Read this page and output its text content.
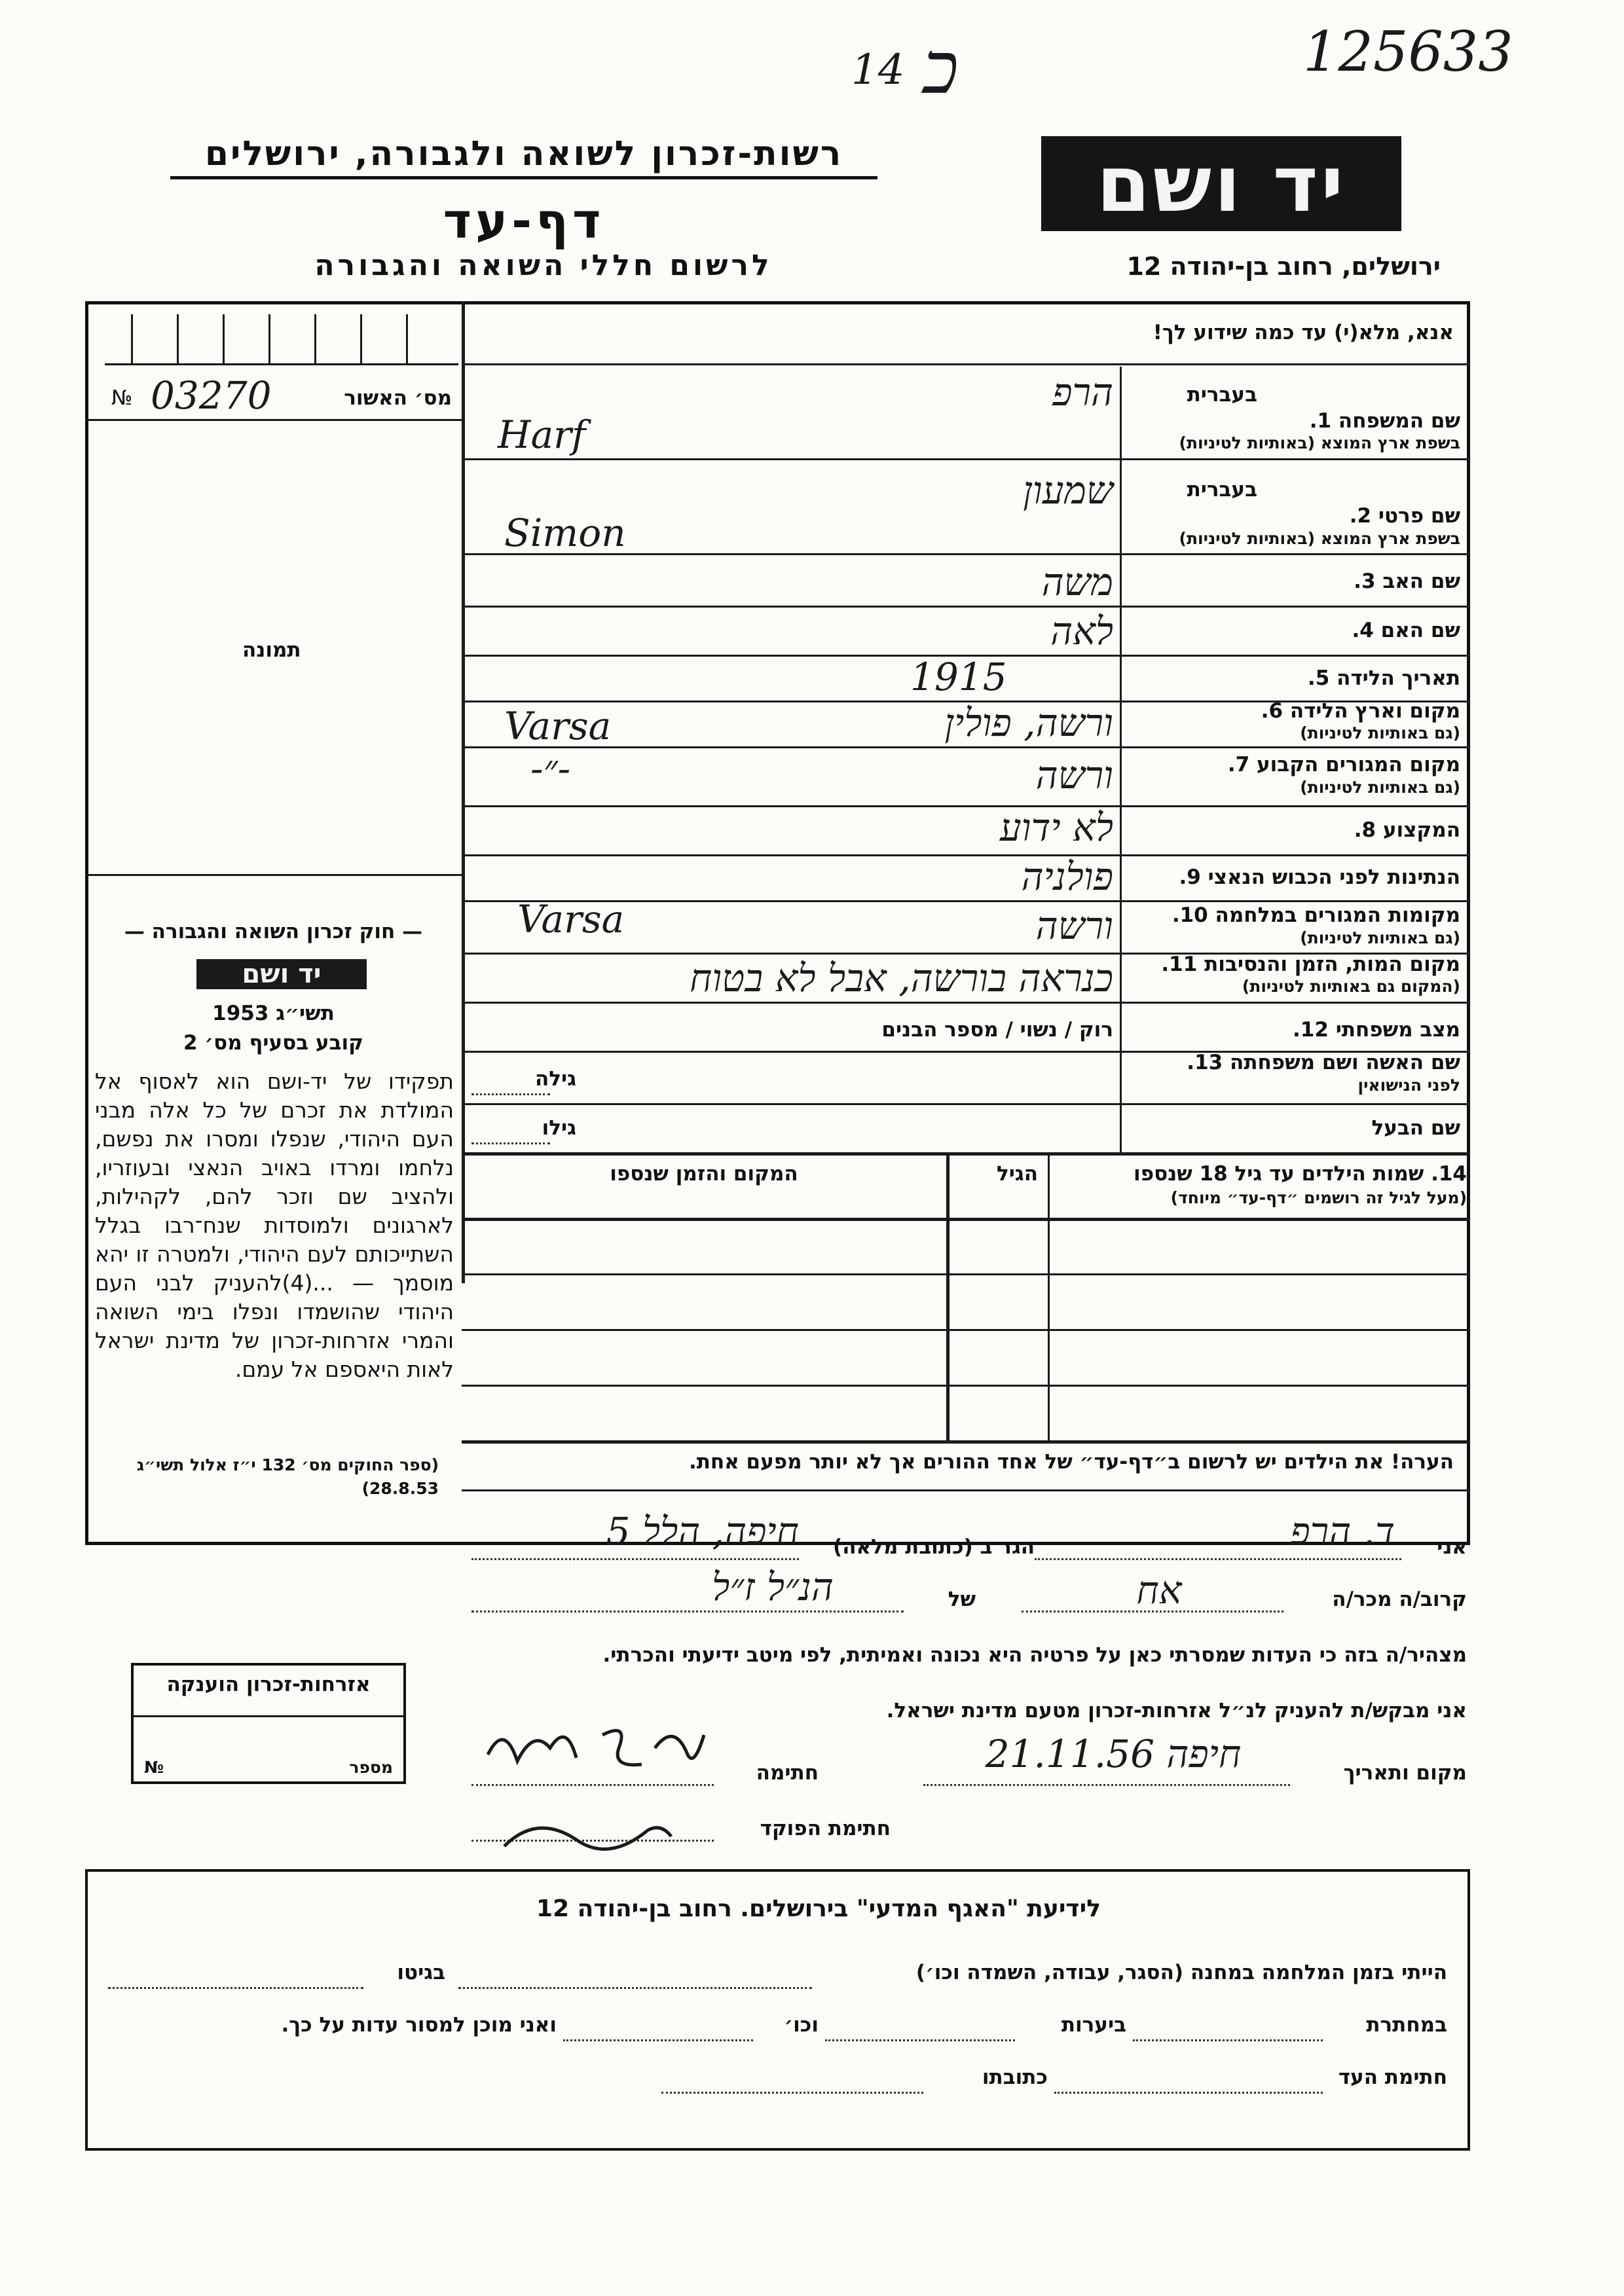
125633
14 כ
יד ושם
רשות-זכרון לשואה ולגבורה, ירושלים
דף-עד
לרשום חללי השואה והגבורה	ירושלים, רחוב בן-יהודה 12
אנא, מלא(י) עד כמה שידוע לך!
№ 03270	מס׳ האשור
תמונה
— חוק זכרון השואה והגבורה —
יד ושם
תשי״ג 1953
קובע בסעיף מס׳ 2
תפקידו של יד-ושם הוא לאסוף אל המולדת את זכרם של כל אלה מבני העם היהודי, שנפלו ומסרו את נפשם, נלחמו ומרדו באויב הנאצי ובעוזריו, ולהציב שם וזכר להם, לקהילות, לארגונים ולמוסדות שנח־רבו בגלל השתייכותם לעם היהודי, ולמטרה זו יהא מוסמך — ...(4)להעניק לבני העם היהודי שהושמדו ונפלו בימי השואה והמרי אזרחות-זכרון של מדינת ישראל לאות היאספם אל עמם.
(ספר החוקים מס׳ 132 י״ז אלול תשי״ג 28.8.53)
בעברית
שם המשפחה 1.
בשפת ארץ המוצא (באותיות לטיניות)
הרפ
Harf
בעברית
שם פרטי 2.
בשפת ארץ המוצא (באותיות לטיניות)
שמעון
Simon
שם האב 3.
משה
שם האם 4.
לאה
תאריך הלידה 5.
1915
מקום וארץ הלידה 6.
(גם באותיות לטיניות)
ורשה, פולין
Varsa
מקום המגורים הקבוע 7.
(גם באותיות לטיניות)
ורשה
-״-
המקצוע 8.
לא ידוע
הנתינות לפני הכבוש הנאצי 9.
פולניה
מקומות המגורים במלחמה 10.
(גם באותיות לטיניות)
ורשה
Varsa
מקום המות, הזמן והנסיבות 11.
(המקום גם באותיות לטיניות)
כנראה בורשה, אבל לא בטוח
מצב משפחתי 12.
רוק / נשוי / מספר הבנים
שם האשה ושם משפחתה 13.
לפני הנישואין
גילה
שם הבעל
גילו
14. שמות הילדים עד גיל 18 שנספו
(מעל לגיל זה רושמים ״דף-עד״ מיוחד)
הגיל
המקום והזמן שנספו
הערה! את הילדים יש לרשום ב״דף-עד״ של אחד ההורים אך לא יותר מפעם אחת.
אני
ד. הרפ
הגר ב (כתובת מלאה)
חיפה, הלל 5
קרוב/ה מכר/ה
אח
של
הנ״ל ז״ל
מצהיר/ה בזה כי העדות שמסרתי כאן על פרטיה היא נכונה ואמיתית, לפי מיטב ידיעתי והכרתי.
אני מבקש/ת להעניק לנ״ל אזרחות-זכרון מטעם מדינת ישראל.
מקום ותאריך
חיפה 21.11.56
חתימה
חתימת הפוקד
אזרחות-זכרון הוענקה
מספר
№
לידיעת "האגף המדעי" בירושלים. רחוב בן-יהודה 12
הייתי בזמן המלחמה במחנה (הסגר, עבודה, השמדה וכו׳)
בגיטו
במחתרת
ביערות
וכו׳
ואני מוכן למסור עדות על כך.
חתימת העד
כתובתו
